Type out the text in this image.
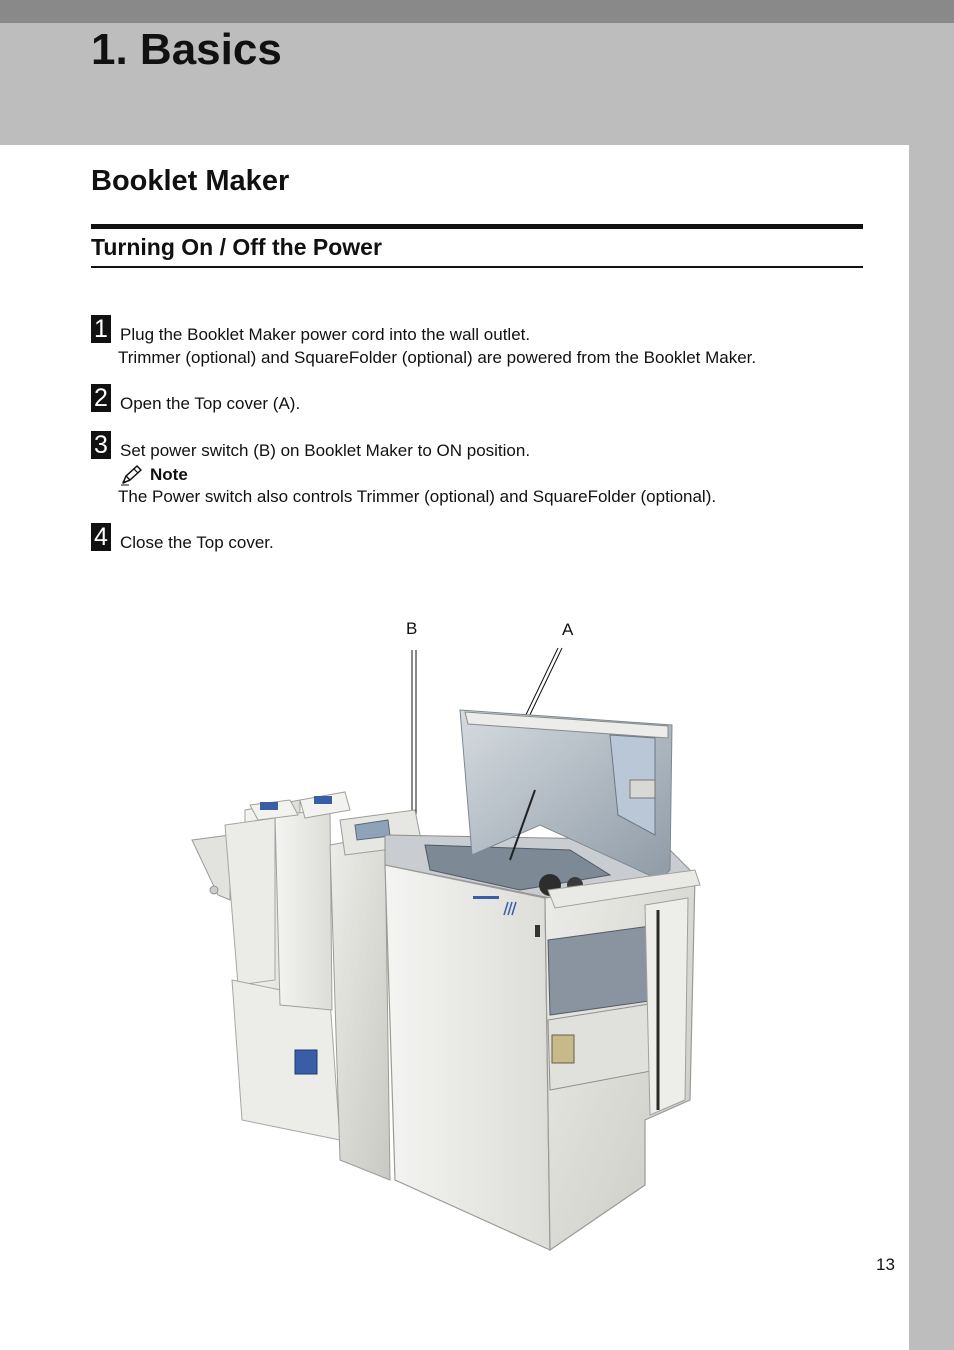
1. Basics
Booklet Maker
Turning On / Off the Power
1 Plug the Booklet Maker power cord into the wall outlet.
Trimmer (optional) and SquareFolder (optional) are powered from the Booklet Maker.
2 Open the Top cover (A).
3 Set power switch (B) on Booklet Maker to ON position.
Note
The Power switch also controls Trimmer (optional) and SquareFolder (optional).
4 Close the Top cover.
B	A
13
